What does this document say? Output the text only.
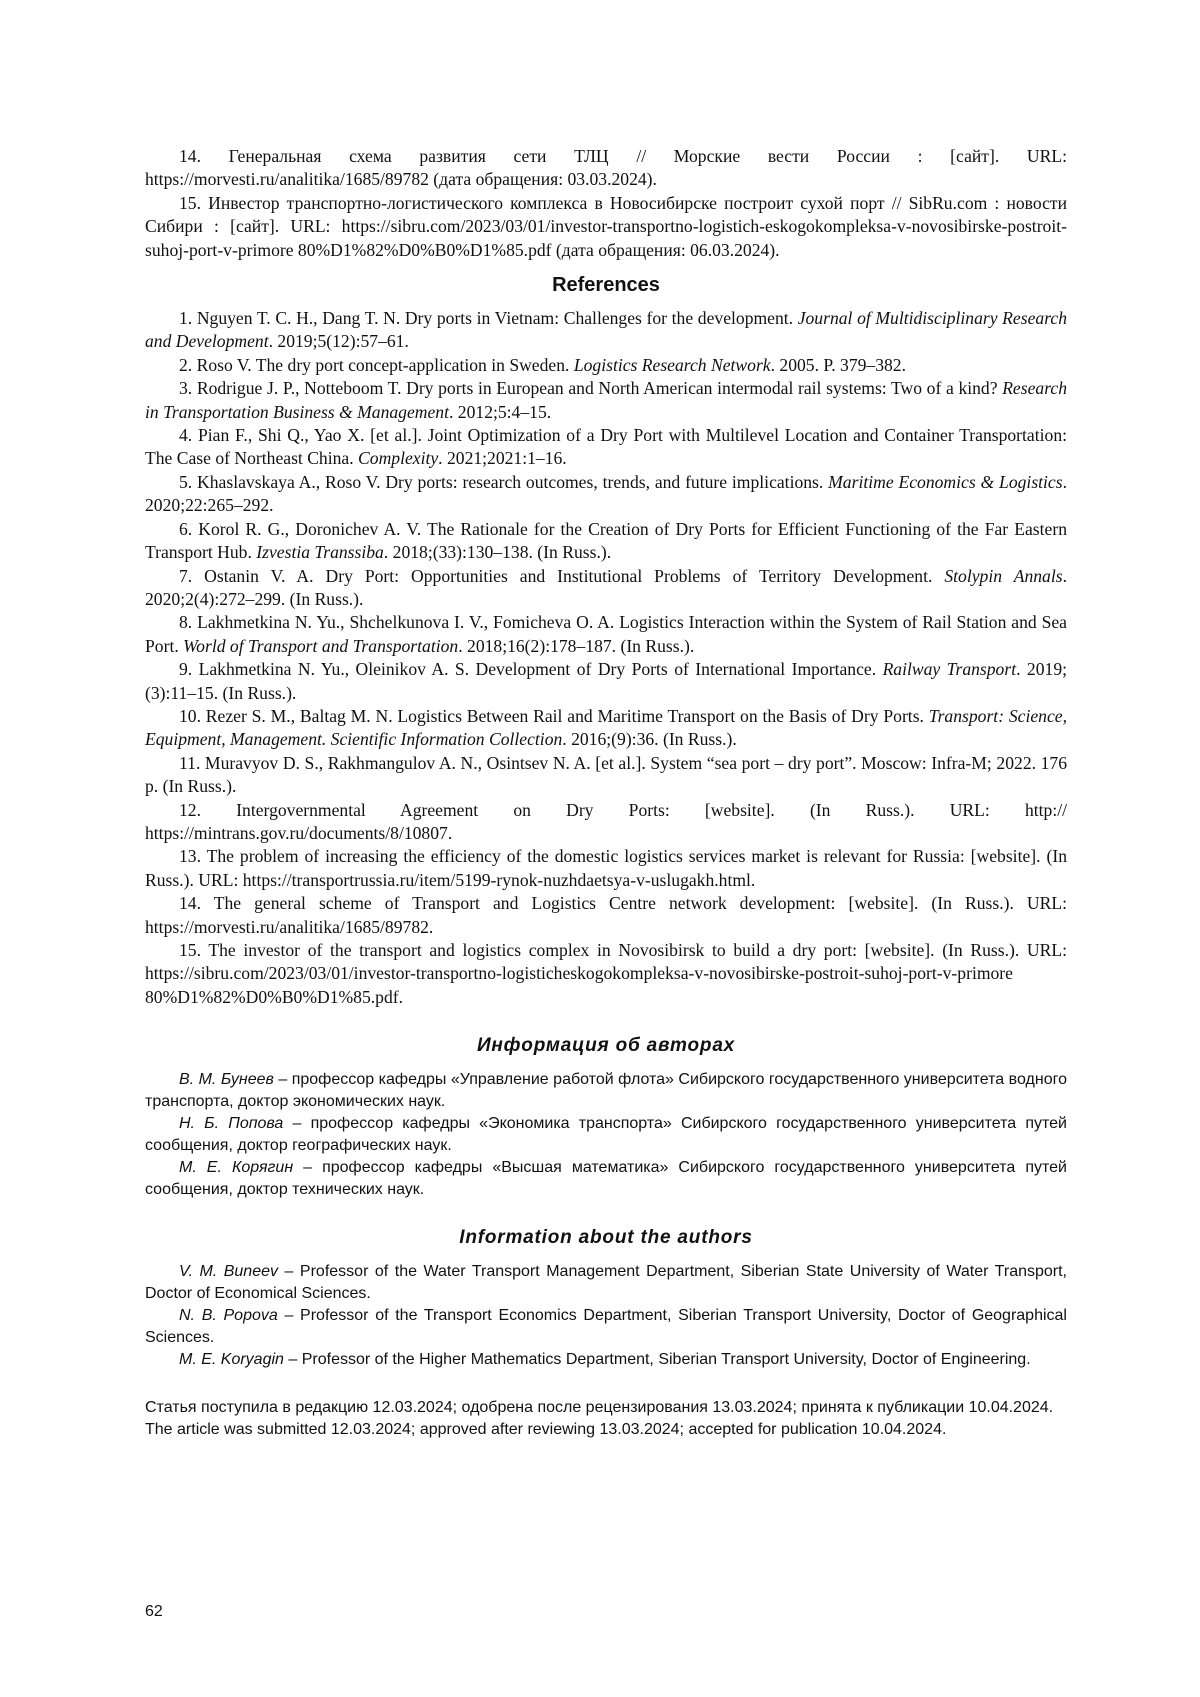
14. Генеральная схема развития сети ТЛЦ // Морские вести России : [сайт]. URL: https://morvesti.ru/analitika/1685/89782 (дата обращения: 03.03.2024).

15. Инвестор транспортно-логистического комплекса в Новосибирске построит сухой порт // SibRu.com : новости Сибири : [сайт]. URL: https://sibru.com/2023/03/01/investor-transportno-logistich-eskogokompleksa-v-novosibirske-postroit-suhoj-port-v-primore 80%D1%82%D0%B0%D1%85.pdf (дата обращения: 06.03.2024).

References

1. Nguyen T. C. H., Dang T. N. Dry ports in Vietnam: Challenges for the development. Journal of Multidisciplinary Research and Development. 2019;5(12):57–61.

2. Roso V. The dry port concept-application in Sweden. Logistics Research Network. 2005. P. 379–382.

3. Rodrigue J. P., Notteboom T. Dry ports in European and North American intermodal rail systems: Two of a kind? Research in Transportation Business & Management. 2012;5:4–15.

4. Pian F., Shi Q., Yao X. [et al.]. Joint Optimization of a Dry Port with Multilevel Location and Container Transportation: The Case of Northeast China. Complexity. 2021;2021:1–16.

5. Khaslavskaya A., Roso V. Dry ports: research outcomes, trends, and future implications. Maritime Economics & Logistics. 2020;22:265–292.

6. Korol R. G., Doronichev A. V. The Rationale for the Creation of Dry Ports for Efficient Functioning of the Far Eastern Transport Hub. Izvestia Transsiba. 2018;(33):130–138. (In Russ.).

7. Ostanin V. A. Dry Port: Opportunities and Institutional Problems of Territory Development. Stolypin Annals. 2020;2(4):272–299. (In Russ.).

8. Lakhmetkina N. Yu., Shchelkunova I. V., Fomicheva O. A. Logistics Interaction within the System of Rail Station and Sea Port. World of Transport and Transportation. 2018;16(2):178–187. (In Russ.).

9. Lakhmetkina N. Yu., Oleinikov A. S. Development of Dry Ports of International Importance. Railway Transport. 2019;(3):11–15. (In Russ.).

10. Rezer S. M., Baltag M. N. Logistics Between Rail and Maritime Transport on the Basis of Dry Ports. Transport: Science, Equipment, Management. Scientific Information Collection. 2016;(9):36. (In Russ.).

11. Muravyov D. S., Rakhmangulov A. N., Osintsev N. A. [et al.]. System “sea port – dry port”. Moscow: Infra-M; 2022. 176 p. (In Russ.).

12. Intergovernmental Agreement on Dry Ports: [website]. (In Russ.). URL: http:// https://mintrans.gov.ru/documents/8/10807.

13. The problem of increasing the efficiency of the domestic logistics services market is relevant for Russia: [website]. (In Russ.). URL: https://transportrussia.ru/item/5199-rynok-nuzhdaetsya-v-uslugakh.html.

14. The general scheme of Transport and Logistics Centre network development: [website]. (In Russ.). URL: https://morvesti.ru/analitika/1685/89782.

15. The investor of the transport and logistics complex in Novosibirsk to build a dry port: [website]. (In Russ.). URL: https://sibru.com/2023/03/01/investor-transportno-logisticheskogokompleksa-v-novosibirske-postroit-suhoj-port-v-primore 80%D1%82%D0%B0%D1%85.pdf.

Информация об авторах

В. М. Бунеев – профессор кафедры «Управление работой флота» Сибирского государственного университета водного транспорта, доктор экономических наук.

Н. Б. Попова – профессор кафедры «Экономика транспорта» Сибирского государственного университета путей сообщения, доктор географических наук.

М. Е. Корягин – профессор кафедры «Высшая математика» Сибирского государственного университета путей сообщения, доктор технических наук.

Information about the authors

V. M. Buneev – Professor of the Water Transport Management Department, Siberian State University of Water Transport, Doctor of Economical Sciences.

N. B. Popova – Professor of the Transport Economics Department, Siberian Transport University, Doctor of Geographical Sciences.

M. E. Koryagin – Professor of the Higher Mathematics Department, Siberian Transport University, Doctor of Engineering.

Статья поступила в редакцию 12.03.2024; одобрена после рецензирования 13.03.2024; принята к публикации 10.04.2024.

The article was submitted 12.03.2024; approved after reviewing 13.03.2024; accepted for publication 10.04.2024.

62
